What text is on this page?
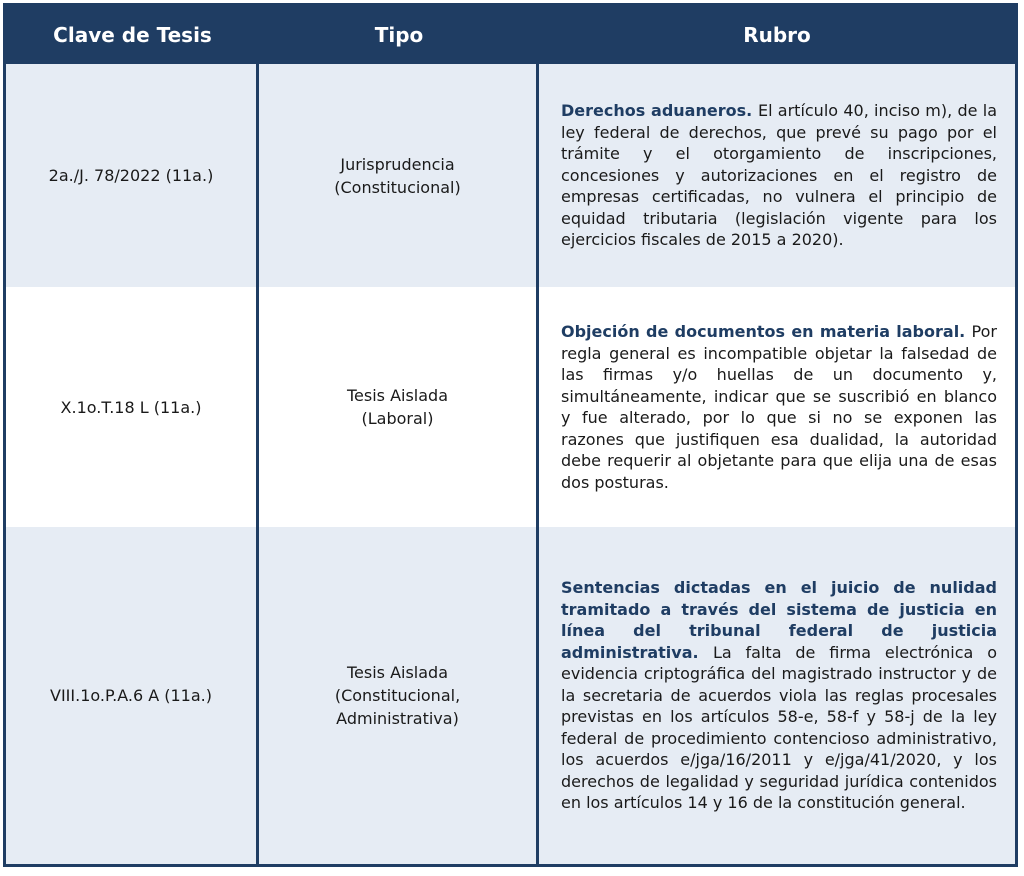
Clave de Tesis	Tipo	Rubro
2a./J. 78/2022 (11a.)
Jurisprudencia
(Constitucional)
Derechos aduaneros. El artículo 40, inciso m), de la ley federal de derechos, que prevé su pago por el trámite y el otorgamiento de inscripciones, concesiones y autorizaciones en el registro de empresas certificadas, no vulnera el principio de equidad tributaria (legislación vigente para los ejercicios fiscales de 2015 a 2020).
X.1o.T.18 L (11a.)
Tesis Aislada
(Laboral)
Objeción de documentos en materia laboral. Por regla general es incompatible objetar la falsedad de las firmas y/o huellas de un documento y, simultáneamente, indicar que se suscribió en blanco y fue alterado, por lo que si no se exponen las razones que justifiquen esa dualidad, la autoridad debe requerir al objetante para que elija una de esas dos posturas.
VIII.1o.P.A.6 A (11a.)
Tesis Aislada
(Constitucional,
Administrativa)
Sentencias dictadas en el juicio de nulidad tramitado a través del sistema de justicia en línea del tribunal federal de justicia administrativa. La falta de firma electrónica o evidencia criptográfica del magistrado instructor y de la secretaria de acuerdos viola las reglas procesales previstas en los artículos 58-e, 58-f y 58-j de la ley federal de procedimiento contencioso administrativo, los acuerdos e/jga/16/2011 y e/jga/41/2020, y los derechos de legalidad y seguridad jurídica contenidos en los artículos 14 y 16 de la constitución general.
